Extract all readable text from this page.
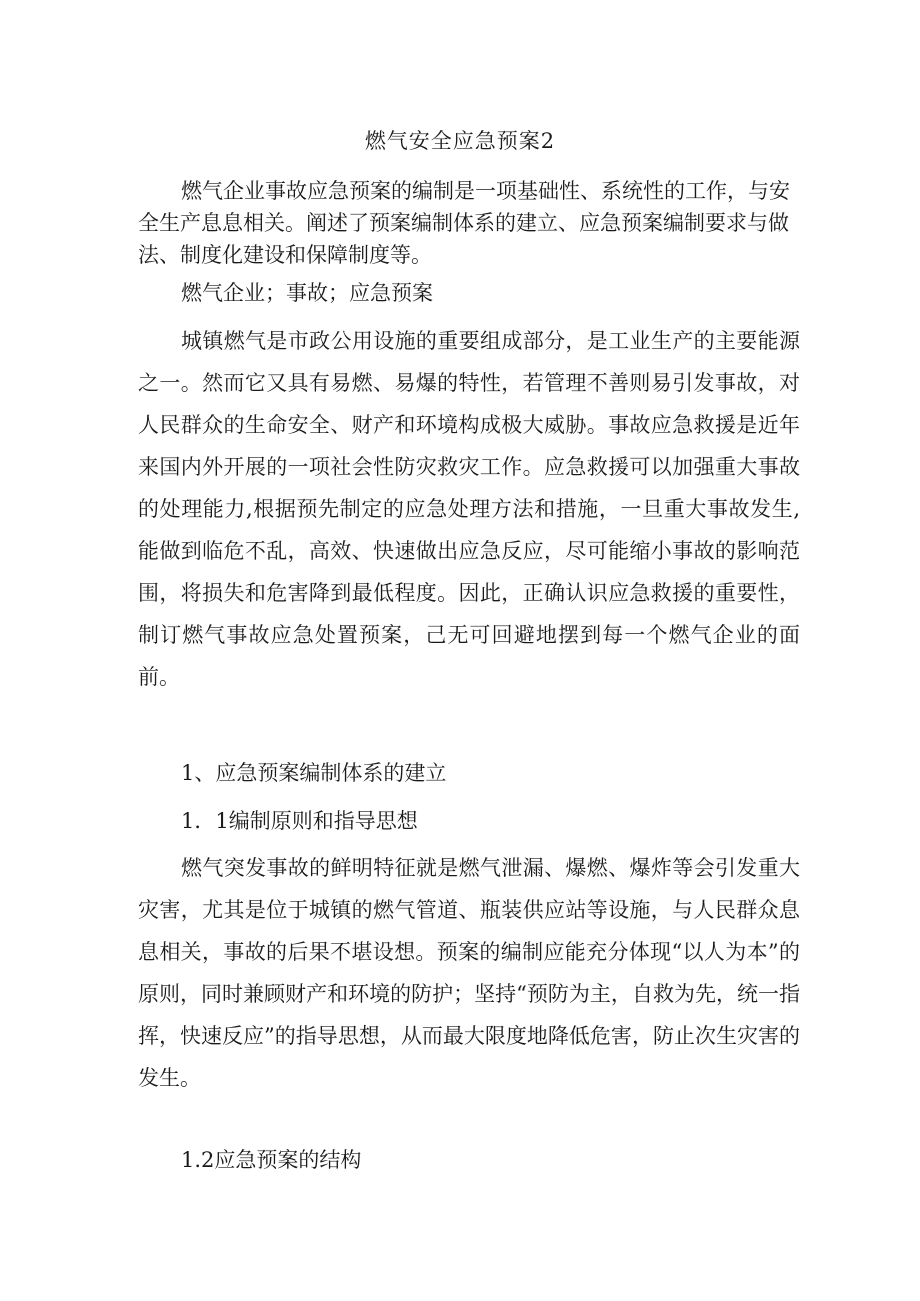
燃气安全应急预案2

燃气企业事故应急预案的编制是一项基础性、系统性的工作，与安全生产息息相关。阐述了预案编制体系的建立、应急预案编制要求与做法、制度化建设和保障制度等。

燃气企业；事故；应急预案

城镇燃气是市政公用设施的重要组成部分，是工业生产的主要能源之一。然而它又具有易燃、易爆的特性，若管理不善则易引发事故，对人民群众的生命安全、财产和环境构成极大威胁。事故应急救援是近年来国内外开展的一项社会性防灾救灾工作。应急救援可以加强重大事故的处理能力,根据预先制定的应急处理方法和措施，一旦重大事故发生,能做到临危不乱，高效、快速做出应急反应，尽可能缩小事故的影响范围，将损失和危害降到最低程度。因此，正确认识应急救援的重要性，制订燃气事故应急处置预案，己无可回避地摆到每一个燃气企业的面前。

1、应急预案编制体系的建立

1．1编制原则和指导思想

燃气突发事故的鲜明特征就是燃气泄漏、爆燃、爆炸等会引发重大灾害，尤其是位于城镇的燃气管道、瓶装供应站等设施，与人民群众息息相关，事故的后果不堪设想。预案的编制应能充分体现“以人为本”的原则，同时兼顾财产和环境的防护；坚持“预防为主，自救为先，统一指挥，快速反应”的指导思想，从而最大限度地降低危害，防止次生灾害的发生。

1.2应急预案的结构
